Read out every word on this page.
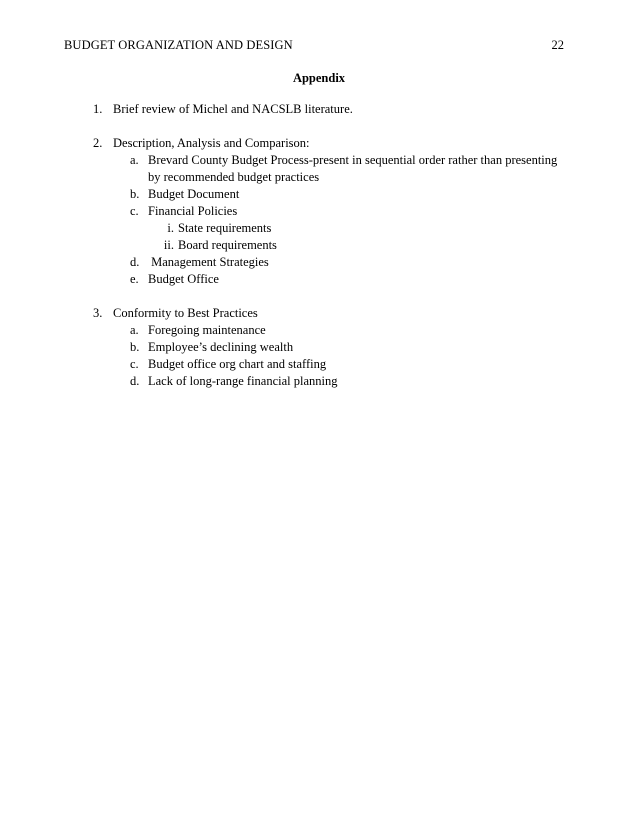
BUDGET ORGANIZATION AND DESIGN	22
Appendix
1. Brief review of Michel and NACSLB literature.
2. Description, Analysis and Comparison:
a. Brevard County Budget Process-present in sequential order rather than presenting
by recommended budget practices
b. Budget Document
c. Financial Policies
i. State requirements
ii. Board requirements
d. Management Strategies
e. Budget Office
3. Conformity to Best Practices
a. Foregoing maintenance
b. Employee’s declining wealth
c. Budget office org chart and staffing
d. Lack of long-range financial planning
